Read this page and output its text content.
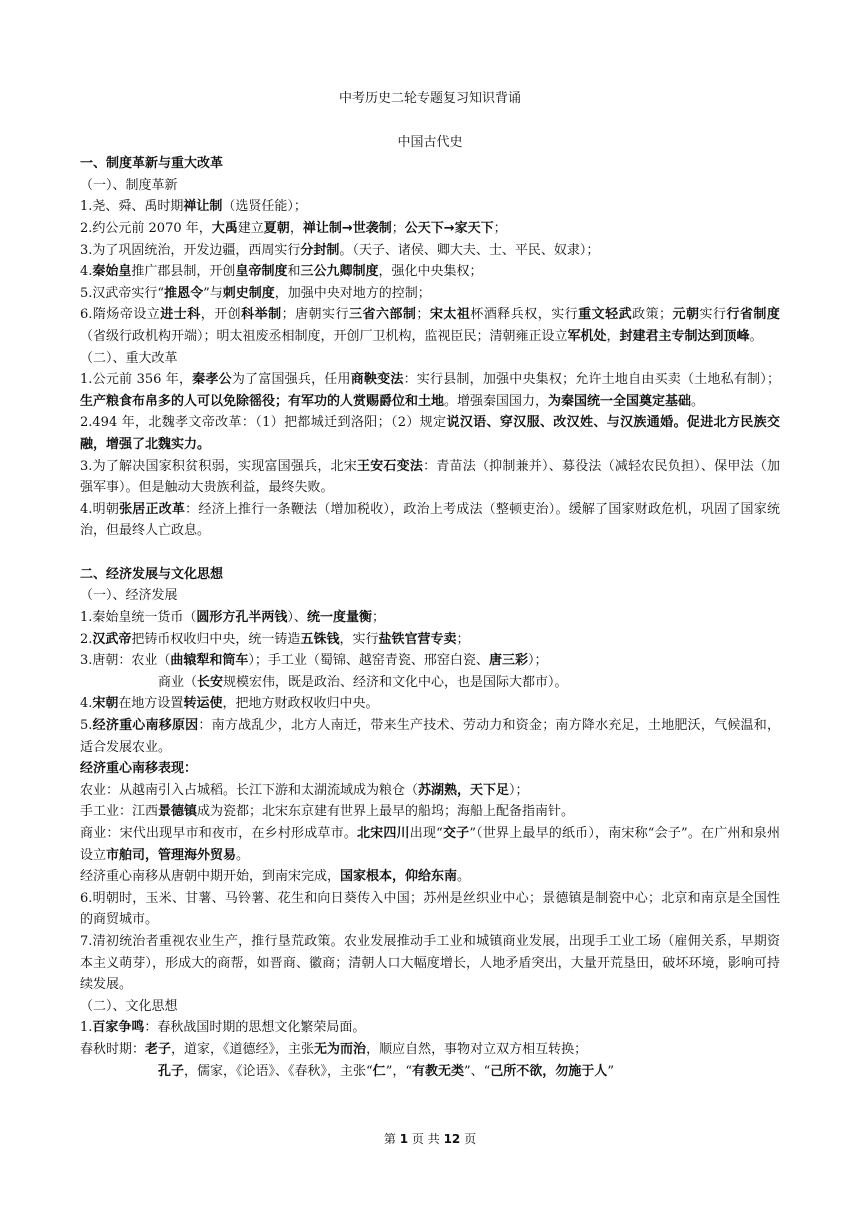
中考历史二轮专题复习知识背诵
中国古代史
一、制度革新与重大改革
（一）、制度革新
1.尧、舜、禹时期禅让制（选贤任能）；
2.约公元前 2070 年，大禹建立夏朝，禅让制→世袭制；公天下→家天下；
3.为了巩固统治，开发边疆，西周实行分封制。（天子、诸侯、卿大夫、士、平民、奴隶）；
4.秦始皇推广郡县制，开创皇帝制度和三公九卿制度，强化中央集权；
5.汉武帝实行“推恩令”与刺史制度，加强中央对地方的控制；
6.隋炀帝设立进士科，开创科举制；唐朝实行三省六部制；宋太祖杯酒释兵权，实行重文轻武政策；元朝实行行省制度（省级行政机构开端）；明太祖废丞相制度，开创厂卫机构，监视臣民；清朝雍正设立军机处，封建君主专制达到顶峰。
（二）、重大改革
1.公元前 356 年，秦孝公为了富国强兵，任用商鞅变法：实行县制，加强中央集权；允许土地自由买卖（土地私有制）；生产粮食布帛多的人可以免除徭役；有军功的人赏赐爵位和土地。增强秦国国力，为秦国统一全国奠定基础。
2.494 年，北魏孝文帝改革：（1）把都城迁到洛阳；（2）规定说汉语、穿汉服、改汉姓、与汉族通婚。促进北方民族交融，增强了北魏实力。
3.为了解决国家积贫积弱，实现富国强兵，北宋王安石变法：青苗法（抑制兼并）、募役法（减轻农民负担）、保甲法（加强军事）。但是触动大贵族利益，最终失败。
4.明朝张居正改革：经济上推行一条鞭法（增加税收），政治上考成法（整顿吏治）。缓解了国家财政危机，巩固了国家统治，但最终人亡政息。
二、经济发展与文化思想
（一）、经济发展
1.秦始皇统一货币（圆形方孔半两钱）、统一度量衡；
2.汉武帝把铸币权收归中央，统一铸造五铢钱，实行盐铁官营专卖；
3.唐朝：农业（曲辕犁和筒车）；手工业（蜀锦、越窑青瓷、邢窑白瓷、唐三彩）；
商业（长安规模宏伟，既是政治、经济和文化中心，也是国际大都市）。
4.宋朝在地方设置转运使，把地方财政权收归中央。
5.经济重心南移原因：南方战乱少，北方人南迁，带来生产技术、劳动力和资金；南方降水充足，土地肥沃，气候温和，适合发展农业。
经济重心南移表现：
农业：从越南引入占城稻。长江下游和太湖流域成为粮仓（苏湖熟，天下足）；
手工业：江西景德镇成为瓷都；北宋东京建有世界上最早的船坞；海船上配备指南针。
商业：宋代出现早市和夜市，在乡村形成草市。北宋四川出现“交子”（世界上最早的纸币），南宋称“会子”。在广州和泉州设立市舶司，管理海外贸易。
经济重心南移从唐朝中期开始，到南宋完成，国家根本，仰给东南。
6.明朝时，玉米、甘薯、马铃薯、花生和向日葵传入中国；苏州是丝织业中心；景德镇是制瓷中心；北京和南京是全国性的商贸城市。
7.清初统治者重视农业生产，推行垦荒政策。农业发展推动手工业和城镇商业发展，出现手工业工场（雇佣关系，早期资本主义萌芽），形成大的商帮，如晋商、徽商；清朝人口大幅度增长，人地矛盾突出，大量开荒垦田，破坏环境，影响可持续发展。
（二）、文化思想
1.百家争鸣：春秋战国时期的思想文化繁荣局面。
春秋时期：老子，道家，《道德经》，主张无为而治，顺应自然，事物对立双方相互转换；
孔子，儒家，《论语》、《春秋》，主张“仁”，“有教无类”、“己所不欲，勿施于人”
第 1 页 共 12 页
